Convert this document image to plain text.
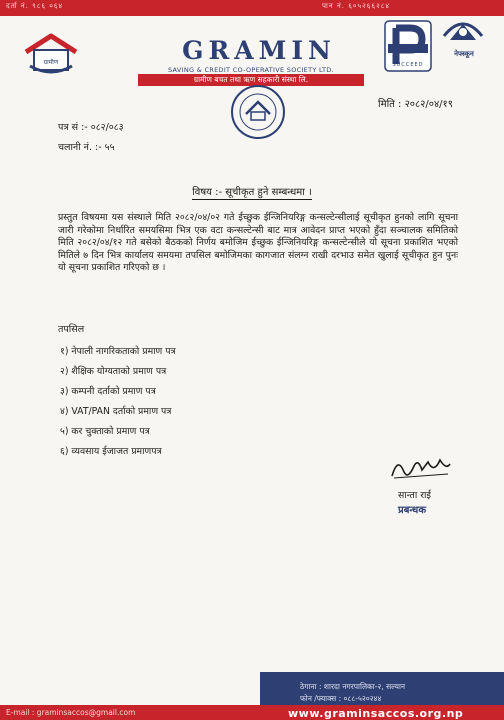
दर्ता नं. ९८६ ०६४	पान नं. ६०५२६६२८४
ग्रामीण	GRAMIN
SAVING & CREDIT CO-OPERATIVE SOCIETY LTD.
ग्रामीण बचत तथा ऋण सहकारी संस्था लि.
SUCCEED
नेफ्स्कून
मिति : २०८२/०४/१९
पत्र सं :- ०८२/०८३
चलानी नं. :- ५५
विषय :- सूचीकृत हुने सम्बन्धमा ।
प्रस्तुत विषयमा यस संस्थाले मिति २०८२/०४/०२ गते ईच्छुक ईन्जिनियरिङ्ग कन्सल्टेन्सीलाई सूचीकृत हुनको लागि सूचना जारी गरेकोमा निर्धारित समयसिमा भित्र एक वटा कन्सल्टेन्सी बाट मात्र आवेदन प्राप्त भएको हुँदा सञ्चालक समितिको मिति २०८२/०४/१२ गते बसेको बैठकको निर्णय बमोजिम ईच्छुक ईन्जिनियरिङ्ग कन्सल्टेन्सीले यो सूचना प्रकाशित भएको मितिले ७ दिन भित्र कार्यालय समयमा तपसिल बमोजिमका कागजात संलग्न राखी दरभाउ समेत खुलाई सूचीकृत हुन पुनः यो सूचना प्रकाशित गरिएको छ ।
तपसिल
१) नेपाली नागरिकताको प्रमाण पत्र
२) शैक्षिक योग्यताको प्रमाण पत्र
३) कम्पनी दर्ताको प्रमाण पत्र
४) VAT/PAN दर्ताको प्रमाण पत्र
५) कर चुक्ताको प्रमाण पत्र
६) व्यवसाय ईजाजत प्रमाणपत्र
सान्ता राई
प्रबन्धक
ठेगाना : शारदा नगरपालिका-२, सल्यान
फोन /फ्याक्स : ०८८-५२०२४४
www.graminsaccos.org.np
E-mail : graminsaccos@gmail.com
